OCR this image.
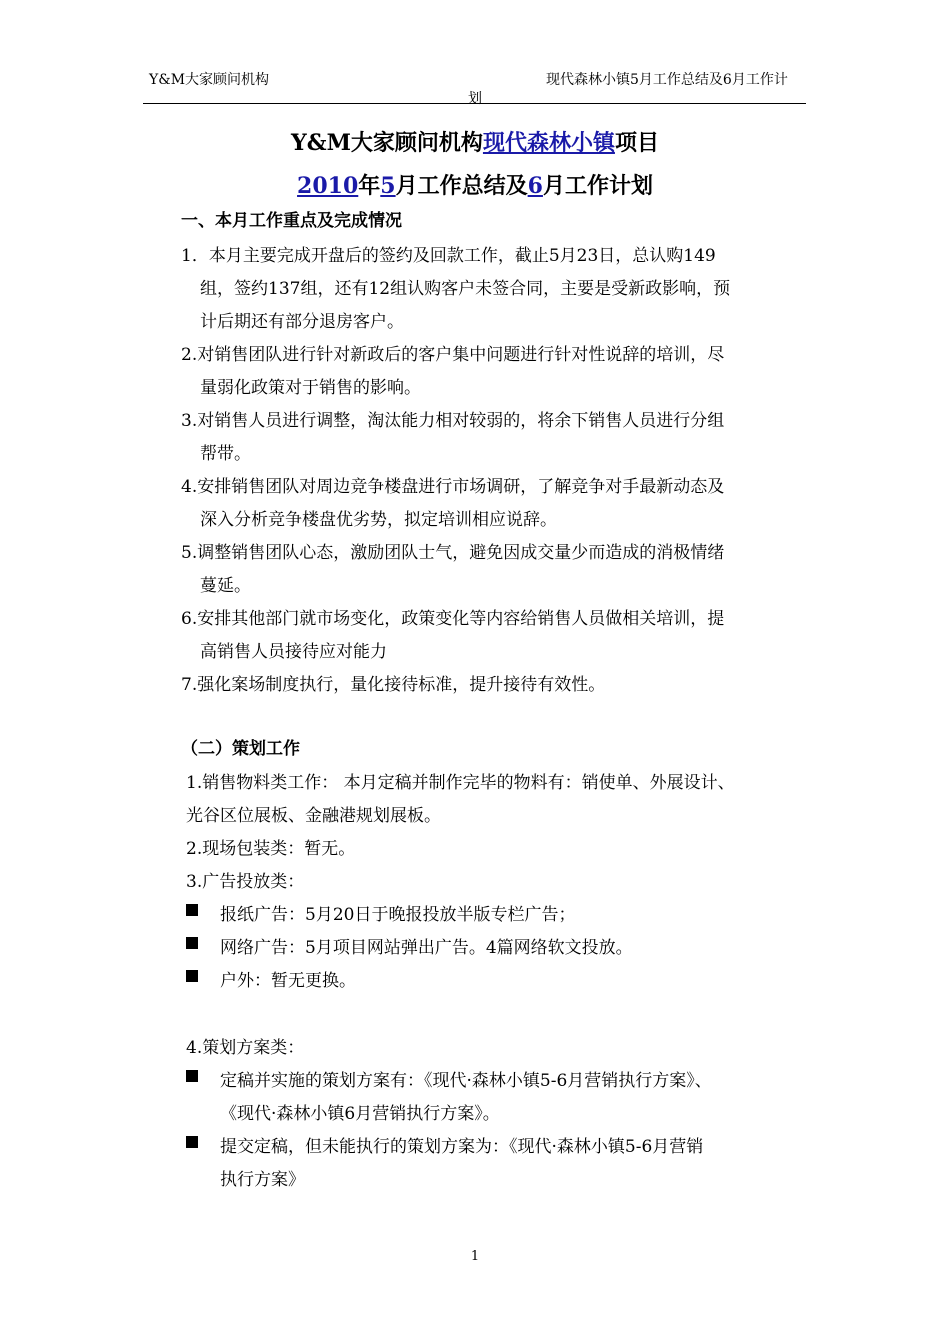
Y&M大家顾问机构	现代森林小镇5月工作总结及6月工作计
划
Y&M大家顾问机构现代森林小镇项目
2010年5月工作总结及6月工作计划
一、本月工作重点及完成情况
1．本月主要完成开盘后的签约及回款工作，截止5月23日，总认购149
组，签约137组，还有12组认购客户未签合同，主要是受新政影响，预
计后期还有部分退房客户。
2.对销售团队进行针对新政后的客户集中问题进行针对性说辞的培训，尽
量弱化政策对于销售的影响。
3.对销售人员进行调整，淘汰能力相对较弱的，将余下销售人员进行分组
帮带。
4.安排销售团队对周边竞争楼盘进行市场调研，了解竞争对手最新动态及
深入分析竞争楼盘优劣势，拟定培训相应说辞。
5.调整销售团队心态，激励团队士气，避免因成交量少而造成的消极情绪
蔓延。
6.安排其他部门就市场变化，政策变化等内容给销售人员做相关培训，提
高销售人员接待应对能力
7.强化案场制度执行，量化接待标准，提升接待有效性。
（二）策划工作
1.销售物料类工作： 本月定稿并制作完毕的物料有：销使单、外展设计、
光谷区位展板、金融港规划展板。
2.现场包装类：暂无。
3.广告投放类：
报纸广告：5月20日于晚报投放半版专栏广告；
网络广告：5月项目网站弹出广告。4篇网络软文投放。
户外：暂无更换。
4.策划方案类：
定稿并实施的策划方案有：《现代·森林小镇5-6月营销执行方案》、
《现代·森林小镇6月营销执行方案》。
提交定稿，但未能执行的策划方案为：《现代·森林小镇5-6月营销
执行方案》
1
